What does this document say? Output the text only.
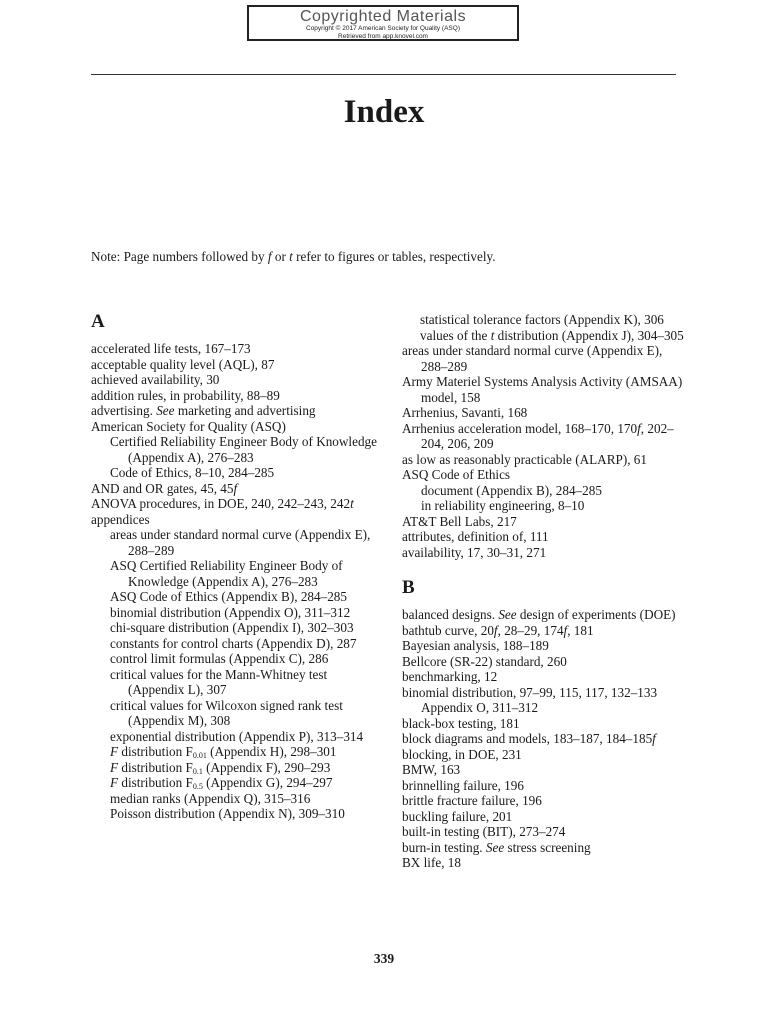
Copyrighted Materials
Copyright © 2017 American Society for Quality (ASQ)
Retrieved from app.knovel.com
Index
Note: Page numbers followed by f or t refer to figures or tables, respectively.
A
accelerated life tests, 167–173
acceptable quality level (AQL), 87
achieved availability, 30
addition rules, in probability, 88–89
advertising. See marketing and advertising
American Society for Quality (ASQ)
Certified Reliability Engineer Body of Knowledge (Appendix A), 276–283
Code of Ethics, 8–10, 284–285
AND and OR gates, 45, 45f
ANOVA procedures, in DOE, 240, 242–243, 242t
appendices
areas under standard normal curve (Appendix E), 288–289
ASQ Certified Reliability Engineer Body of Knowledge (Appendix A), 276–283
ASQ Code of Ethics (Appendix B), 284–285
binomial distribution (Appendix O), 311–312
chi-square distribution (Appendix I), 302–303
constants for control charts (Appendix D), 287
control limit formulas (Appendix C), 286
critical values for the Mann-Whitney test (Appendix L), 307
critical values for Wilcoxon signed rank test (Appendix M), 308
exponential distribution (Appendix P), 313–314
F distribution $F_{0.01}$ (Appendix H), 298–301
F distribution $F_{0.1}$ (Appendix F), 290–293
F distribution $F_{0.5}$ (Appendix G), 294–297
median ranks (Appendix Q), 315–316
Poisson distribution (Appendix N), 309–310
statistical tolerance factors (Appendix K), 306
values of the t distribution (Appendix J), 304–305
areas under standard normal curve (Appendix E), 288–289
Army Materiel Systems Analysis Activity (AMSAA) model, 158
Arrhenius, Savanti, 168
Arrhenius acceleration model, 168–170, 170f, 202–204, 206, 209
as low as reasonably practicable (ALARP), 61
ASQ Code of Ethics
document (Appendix B), 284–285
in reliability engineering, 8–10
AT&T Bell Labs, 217
attributes, definition of, 111
availability, 17, 30–31, 271
B
balanced designs. See design of experiments (DOE)
bathtub curve, 20f, 28–29, 174f, 181
Bayesian analysis, 188–189
Bellcore (SR-22) standard, 260
benchmarking, 12
binomial distribution, 97–99, 115, 117, 132–133
Appendix O, 311–312
black-box testing, 181
block diagrams and models, 183–187, 184–185f
blocking, in DOE, 231
BMW, 163
brinnelling failure, 196
brittle fracture failure, 196
buckling failure, 201
built-in testing (BIT), 273–274
burn-in testing. See stress screening
BX life, 18
339
